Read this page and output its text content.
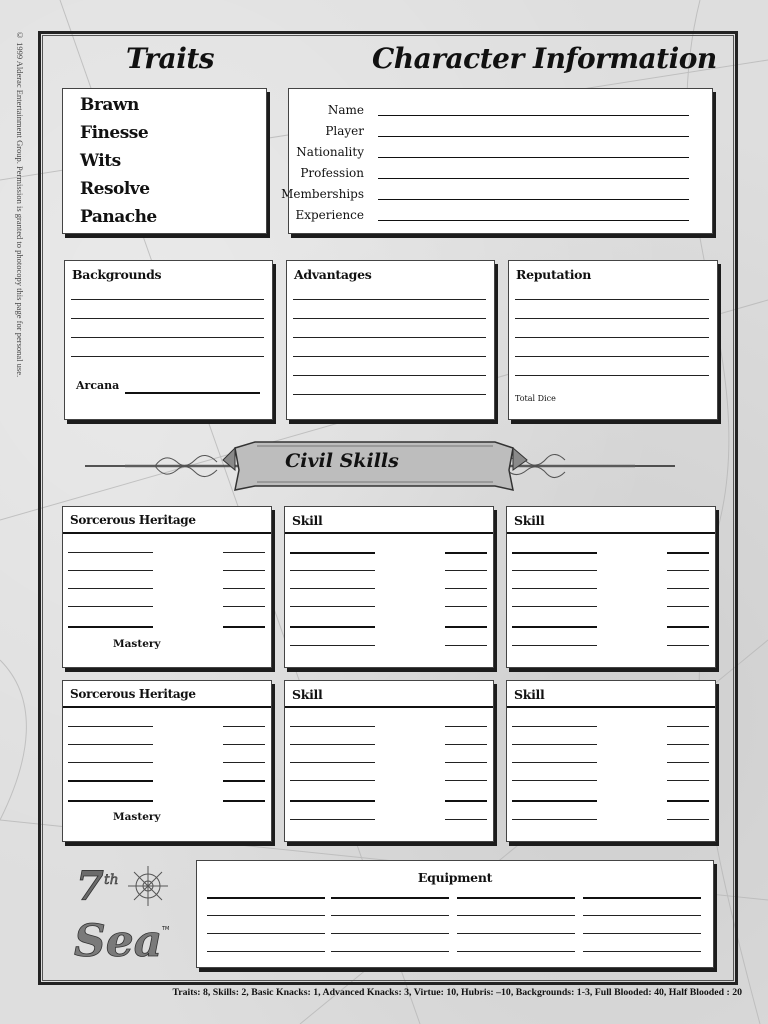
© 1999 Alderac Entertainment Group. Permission is granted to photocopy this page for personal use.	Traits	Character Information
Brawn
Finesse
Wits
Resolve
Panache
Name
Player
Nationality
Profession
Memberships
Experience
Backgrounds
Arcana
Advantages	Reputation
Total Dice
Civil Skills
Sorcerous Heritage
Mastery
Skill	Skill
Sorcerous Heritage
Mastery
Skill	Skill
7 th
Sea TM
Equipment
Traits: 8, Skills: 2, Basic Knacks: 1, Advanced Knacks: 3, Virtue: 10, Hubris: –10, Backgrounds: 1-3, Full Blooded: 40, Half Blooded : 20
